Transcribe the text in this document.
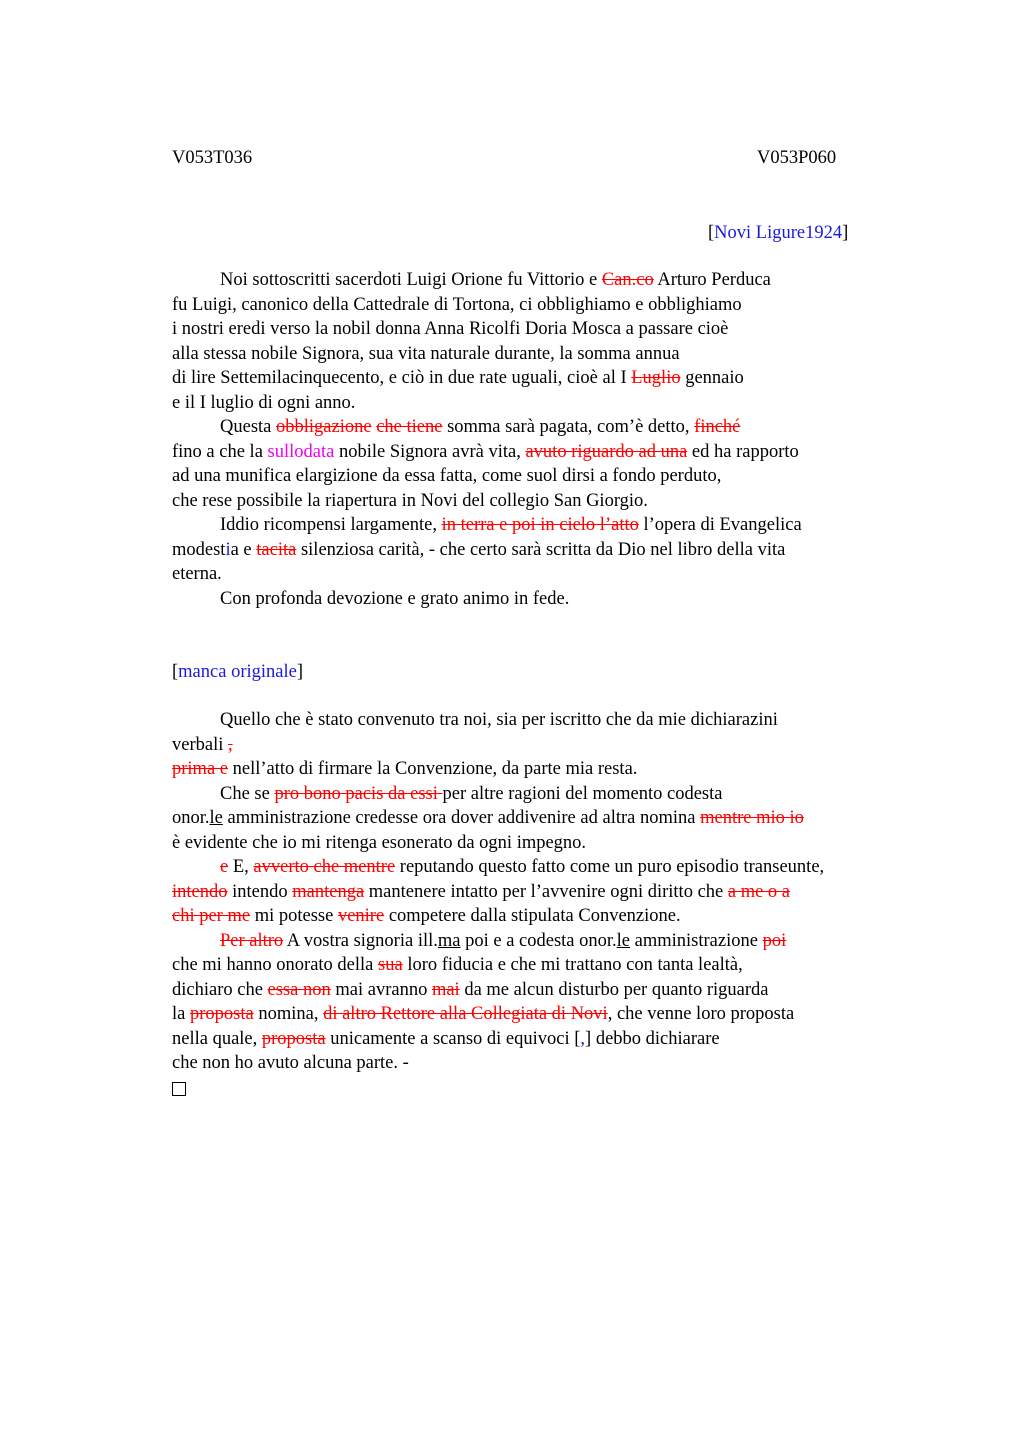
V053T036	V053P060
[Novi Ligure1924]
Noi sottoscritti sacerdoti Luigi Orione fu Vittorio e Can.co Arturo Perduca
fu Luigi, canonico della Cattedrale di Tortona, ci obblighiamo e obblighiamo
i nostri eredi verso la nobil donna Anna Ricolfi Doria Mosca a passare cioè
alla stessa nobile Signora, sua vita naturale durante, la somma annua
di lire Settemilacinquecento, e ciò in due rate uguali, cioè al I Luglio gennaio
e il I luglio di ogni anno.
Questa obbligazione che tiene somma sarà pagata, com’è detto, finché
fino a che la sullodata nobile Signora avrà vita, avuto riguardo ad una ed ha rapporto
ad una munifica elargizione da essa fatta, come suol dirsi a fondo perduto,
che rese possibile la riapertura in Novi del collegio San Giorgio.
Iddio ricompensi largamente, in terra e poi in cielo l’atto l’opera di Evangelica
modestia e tacita silenziosa carità, - che certo sarà scritta da Dio nel libro della vita
eterna.
Con profonda devozione e grato animo in fede.
[manca originale]
Quello che è stato convenuto tra noi, sia per iscritto che da mie dichiarazini
verbali ,
prima e nell’atto di firmare la Convenzione, da parte mia resta.
Che se pro bono pacis da essi per altre ragioni del momento codesta
onor.le amministrazione credesse ora dover addivenire ad altra nomina mentre mio io
è evidente che io mi ritenga esonerato da ogni impegno.
e E, avverto che mentre reputando questo fatto come un puro episodio transeunte,
intendo intendo mantenga mantenere intatto per l’avvenire ogni diritto che a me o a
chi per me mi potesse venire competere dalla stipulata Convenzione.
Per altro A vostra signoria ill.ma poi e a codesta onor.le amministrazione poi
che mi hanno onorato della sua loro fiducia e che mi trattano con tanta lealtà,
dichiaro che essa non mai avranno mai da me alcun disturbo per quanto riguarda
la proposta nomina, di altro Rettore alla Collegiata di Novi, che venne loro proposta
nella quale, proposta unicamente a scanso di equivoci [,] debbo dichiarare
che non ho avuto alcuna parte. -
